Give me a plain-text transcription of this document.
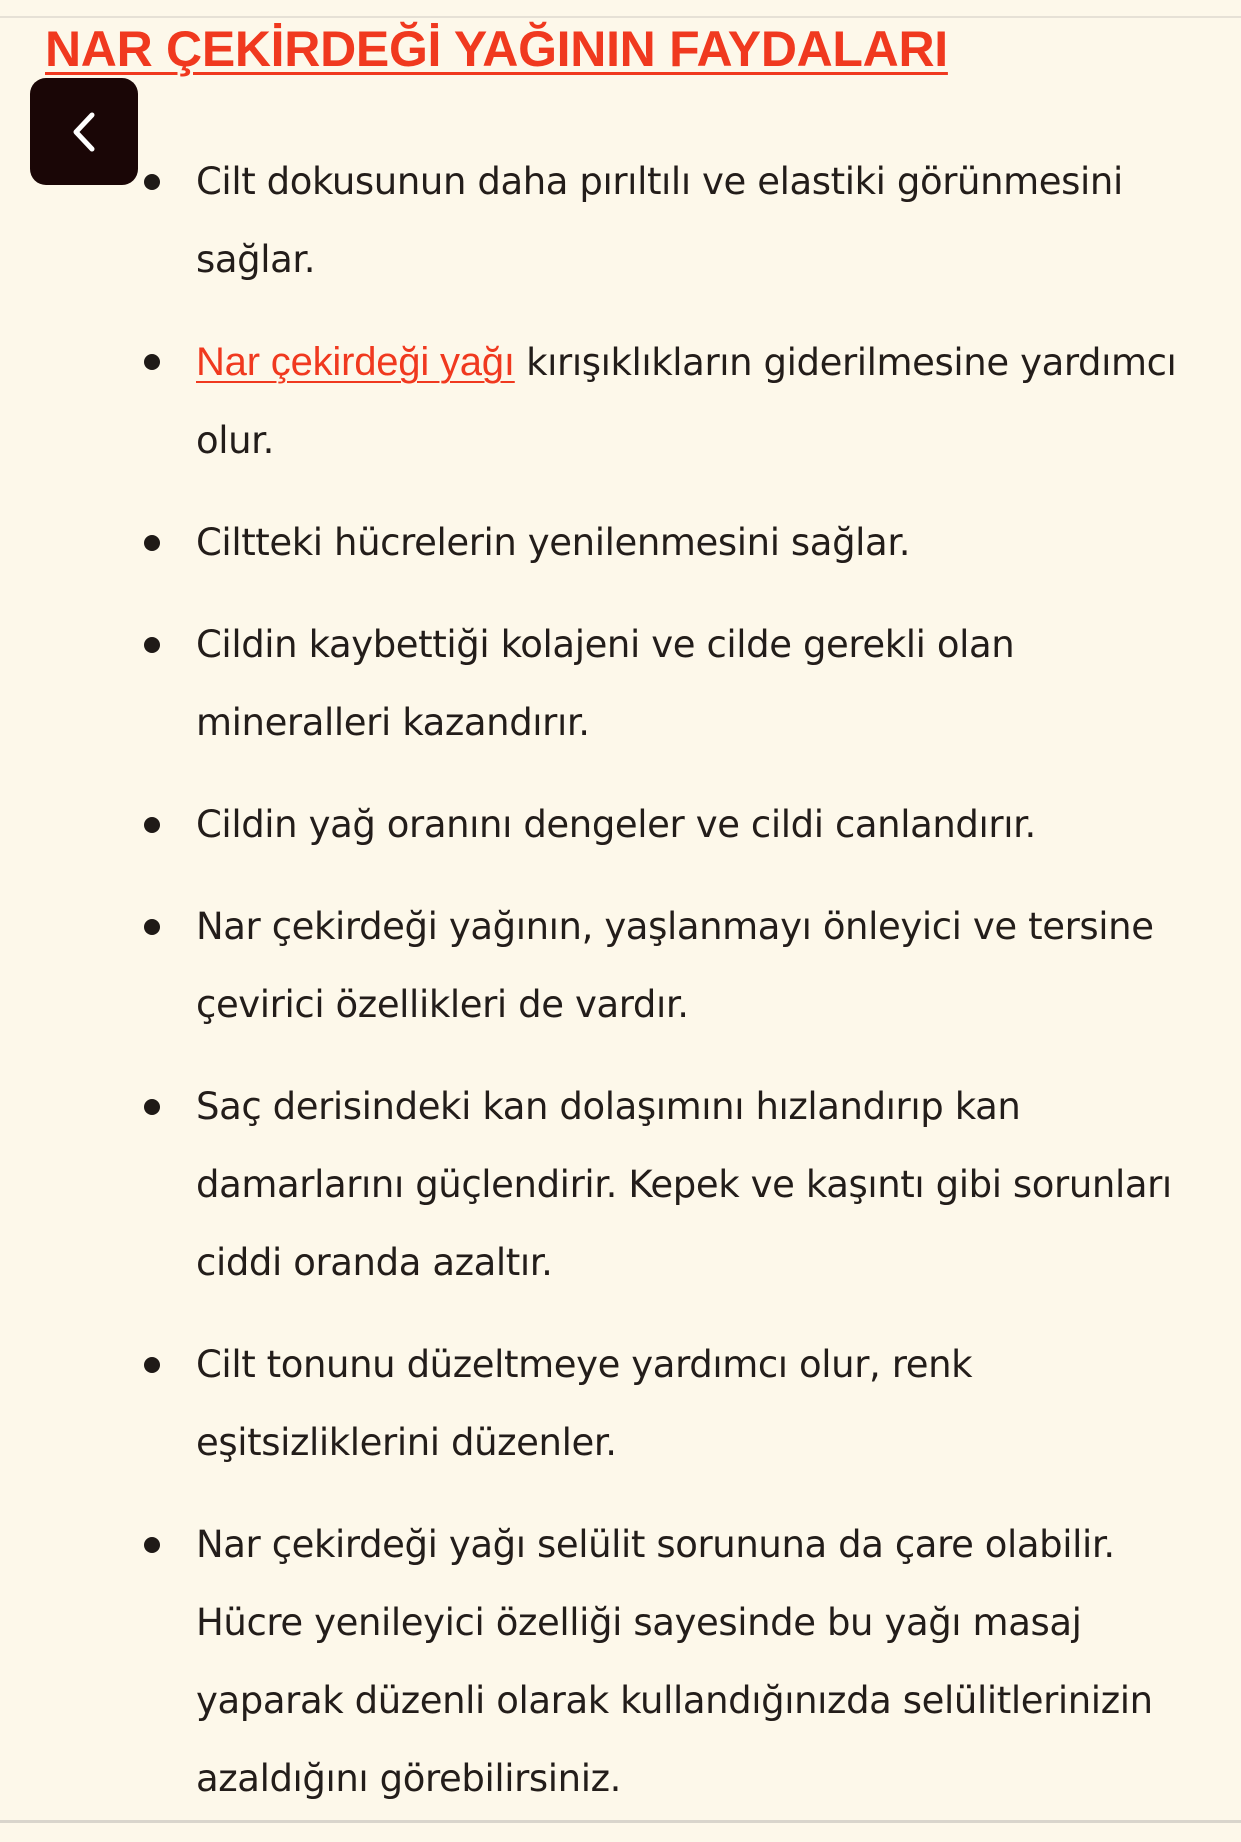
NAR ÇEKİRDEĞİ YAĞININ FAYDALARI
Cilt dokusunun daha pırıltılı ve elastiki görünmesini sağlar.
Nar çekirdeği yağı kırışıklıkların giderilmesine yardımcı olur.
Ciltteki hücrelerin yenilenmesini sağlar.
Cildin kaybettiği kolajeni ve cilde gerekli olan mineralleri kazandırır.
Cildin yağ oranını dengeler ve cildi canlandırır.
Nar çekirdeği yağının, yaşlanmayı önleyici ve tersine çevirici özellikleri de vardır.
Saç derisindeki kan dolaşımını hızlandırıp kan damarlarını güçlendirir. Kepek ve kaşıntı gibi sorunları ciddi oranda azaltır.
Cilt tonunu düzeltmeye yardımcı olur, renk eşitsizliklerini düzenler.
Nar çekirdeği yağı selülit sorununa da çare olabilir. Hücre yenileyici özelliği sayesinde bu yağı masaj yaparak düzenli olarak kullandığınızda selülitlerinizin azaldığını görebilirsiniz.
